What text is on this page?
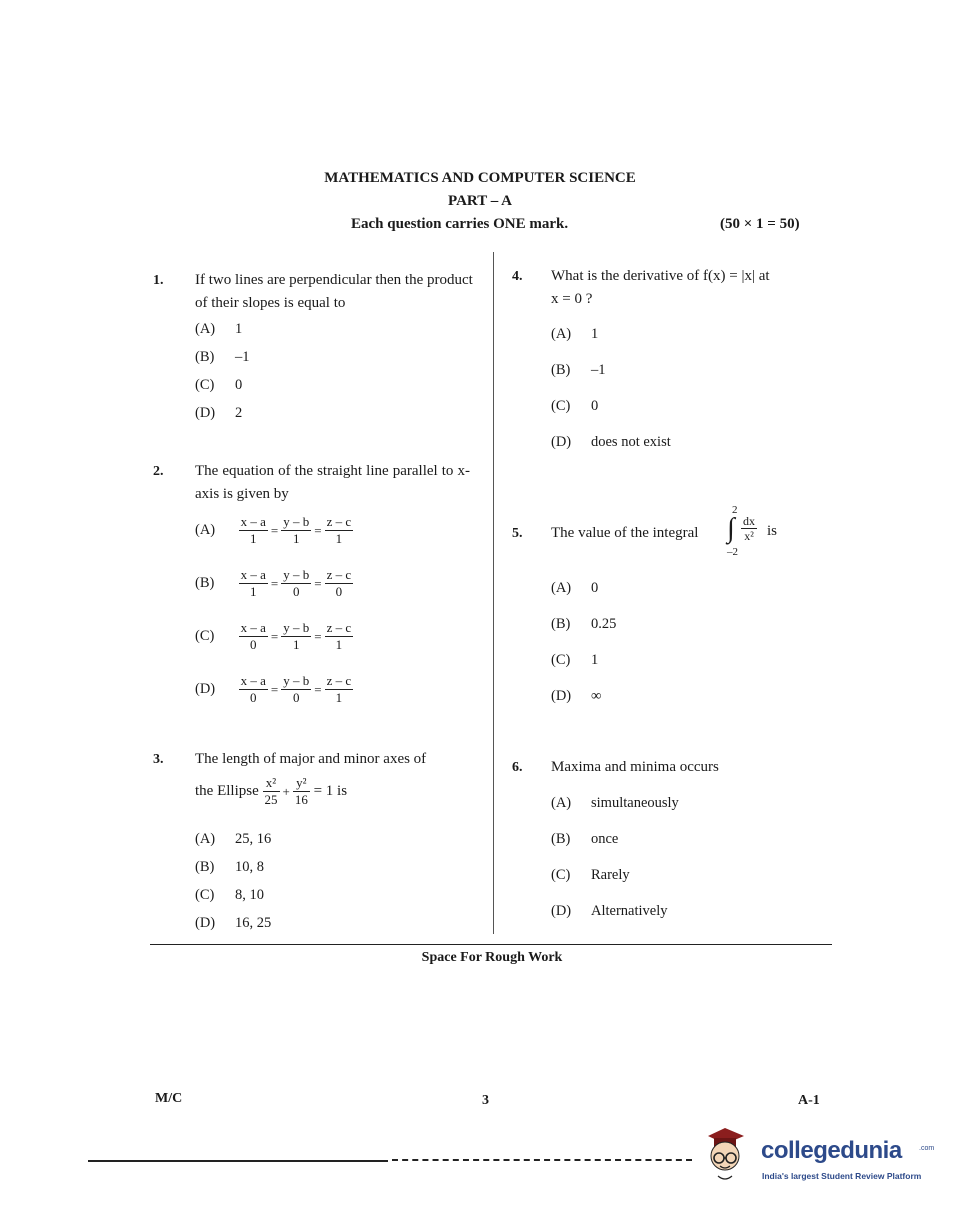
MATHEMATICS AND COMPUTER SCIENCE
PART – A
Each question carries ONE mark.	(50 × 1 = 50)
1. If two lines are perpendicular then the product of their slopes is equal to
(A) 1
(B) –1
(C) 0
(D) 2
2. The equation of the straight line parallel to x-axis is given by
$(A) \frac{x - a}{1} = \frac{y - b}{1} = \frac{z - c}{1}$
$(B) \frac{x - a}{1} = \frac{y - b}{0} = \frac{z - c}{0}$
$(C) \frac{x - a}{0} = \frac{y - b}{1} = \frac{z - c}{1}$
$(D) \frac{x - a}{0} = \frac{y - b}{0} = \frac{z - c}{1}$
3. The length of major and minor axes of
the Ellipse $\frac{\text{x²}}{25} + \frac{\text{y²}}{16} = 1$ is
(A) 25, 16
(B) 10, 8
(C) 8, 10
(D) 16, 25
4. What is the derivative of f(x) = |x| at
x = 0 ?
(A) 1
(B) –1
(C) 0
(D) does not exist
5. The value of the integral
2
∫
–2
$\frac{dx}{\text{x²}}$ is
(A) 0
(B) 0.25
(C) 1
(D) ∞
6. Maxima and minima occurs
(A) simultaneously
(B) once
(C) Rarely
(D) Alternatively
Space For Rough Work
M/C	3	A-1
collegedunia .com
India's largest Student Review Platform
